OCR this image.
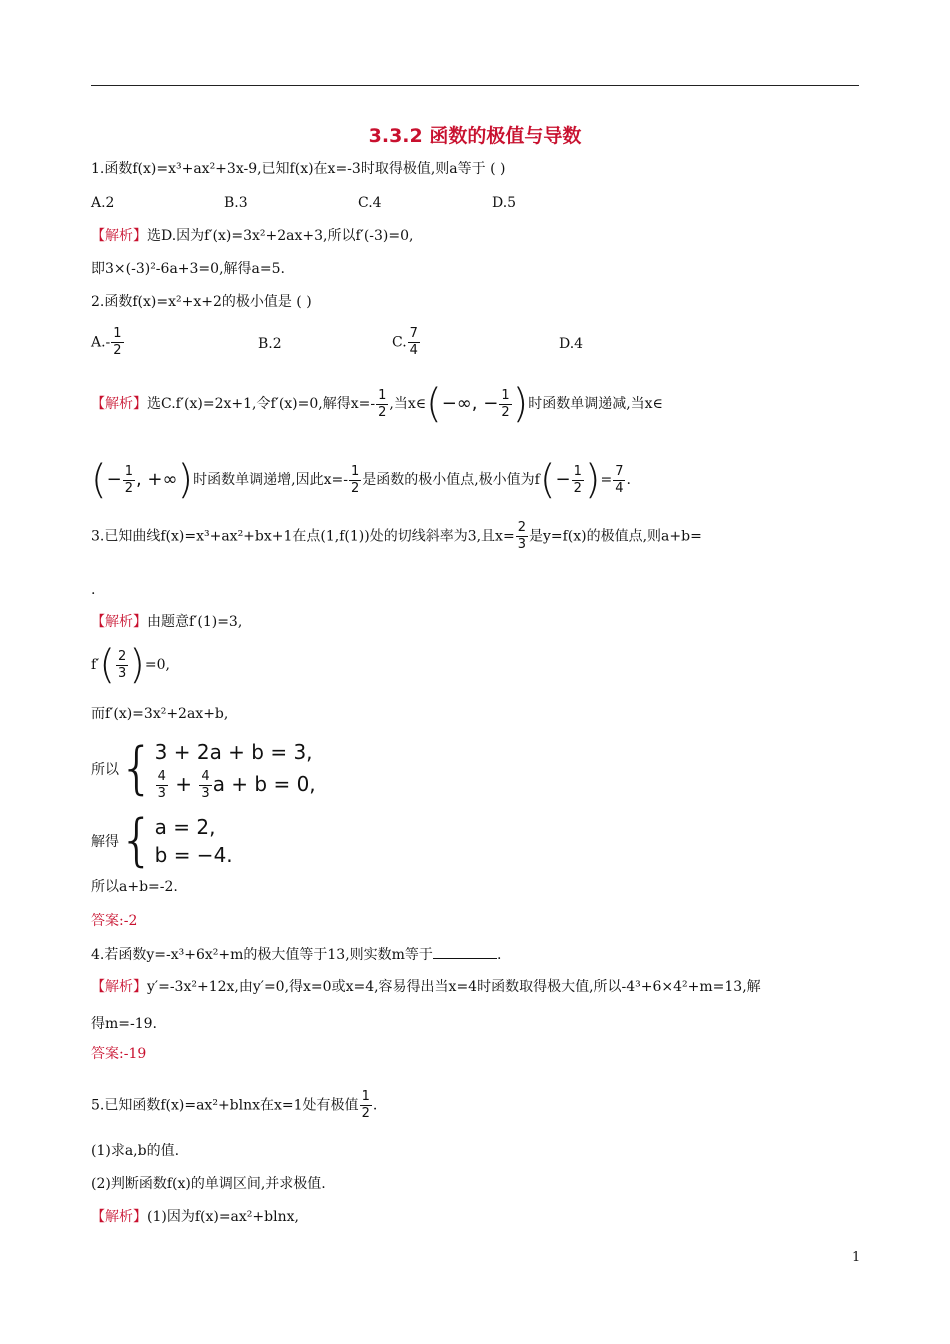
3.3.2 函数的极值与导数
1.函数f(x)=x³+ax²+3x-9,已知f(x)在x=-3时取得极值,则a等于 ( )
A.2	B.3	C.4	D.5
【解析】选D.因为f′(x)=3x²+2ax+3,所以f′(-3)=0,
即3×(-3)²-6a+3=0,解得a=5.
2.函数f(x)=x²+x+2的极小值是 ( )
$A.- \frac{1}{2}$	B.2	C. $\frac{7}{4}$	D.4
【解析】选C.f′(x)=2x+1,令f′(x)=0,解得$x=- \frac{1}{2}$ ,当x∈(−∞, − $\frac{1}{2}$ )时函数单调递减,当x∈
(− $\frac{1}{2}$ , +∞)时函数单调递增,因此$x=- \frac{1}{2}$ 是函数的极小值点,极小值为$f(- \frac{1}{2}$ )= $\frac{7}{4}$ .
3.已知曲线f(x)=x³+ax²+bx+1在点(1,f(1))处的切线斜率为3,且$x= \frac{2}{3}$ 是y=f(x)的极值点,则a+b=
.
【解析】由题意f′(1)=3,
$f'( \frac{2}{3} )=0$,
而f′(x)=3x²+2ax+b,
所以{ 3 + 2a + b = 3,
$\frac{4}{3} + \frac{4}{3}$ a + b = 0,
解得{ a = 2,
b = −4.
所以a+b=-2.
答案:-2
4.若函数y=-x³+6x²+m的极大值等于13,则实数m等于	.
【解析】y′=-3x²+12x,由y′=0,得x=0或x=4,容易得出当x=4时函数取得极大值,所以-4³+6×4²+m=13,解
得m=-19.
答案:-19
5.已知函数f(x)=ax²+blnx在x=1处有极值 $\frac{1}{2}$ .
(1)求a,b的值.
(2)判断函数f(x)的单调区间,并求极值.
【解析】(1)因为f(x)=ax²+blnx,
1
